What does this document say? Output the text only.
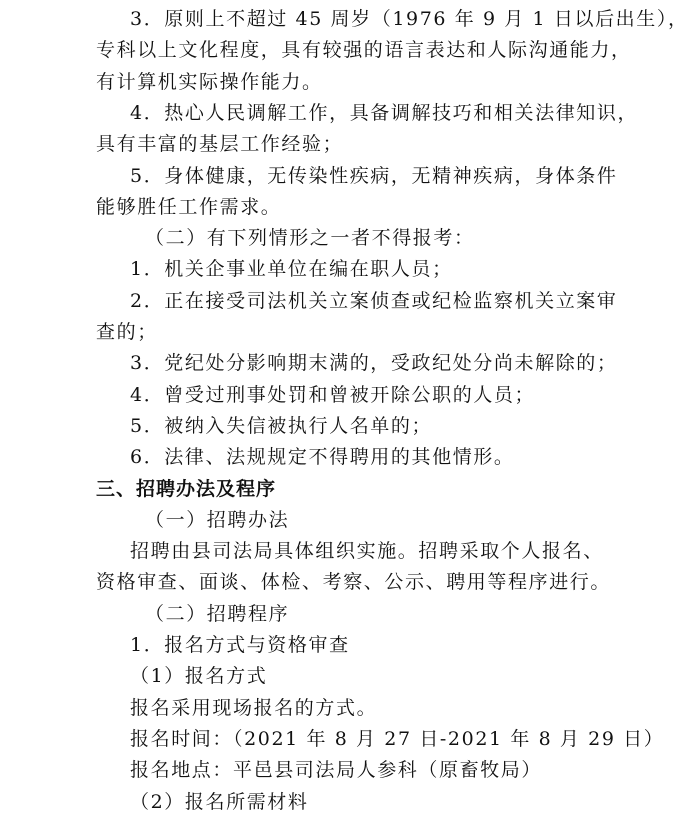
3．原则上不超过 45 周岁（1976 年 9 月 1 日以后出生），
专科以上文化程度，具有较强的语言表达和人际沟通能力，
有计算机实际操作能力。
4．热心人民调解工作，具备调解技巧和相关法律知识，
具有丰富的基层工作经验；
5．身体健康，无传染性疾病，无精神疾病，身体条件
能够胜任工作需求。
（二）有下列情形之一者不得报考：
1．机关企事业单位在编在职人员；
2．正在接受司法机关立案侦查或纪检监察机关立案审
查的；
3．党纪处分影响期末满的，受政纪处分尚未解除的；
4．曾受过刑事处罚和曾被开除公职的人员；
5．被纳入失信被执行人名单的；
6．法律、法规规定不得聘用的其他情形。
三、招聘办法及程序
（一）招聘办法
招聘由县司法局具体组织实施。招聘采取个人报名、
资格审查、面谈、体检、考察、公示、聘用等程序进行。
（二）招聘程序
1．报名方式与资格审查
（1）报名方式
报名采用现场报名的方式。
报名时间：（2021 年 8 月 27 日-2021 年 8 月 29 日）
报名地点：平邑县司法局人参科（原畜牧局）
（2）报名所需材料
